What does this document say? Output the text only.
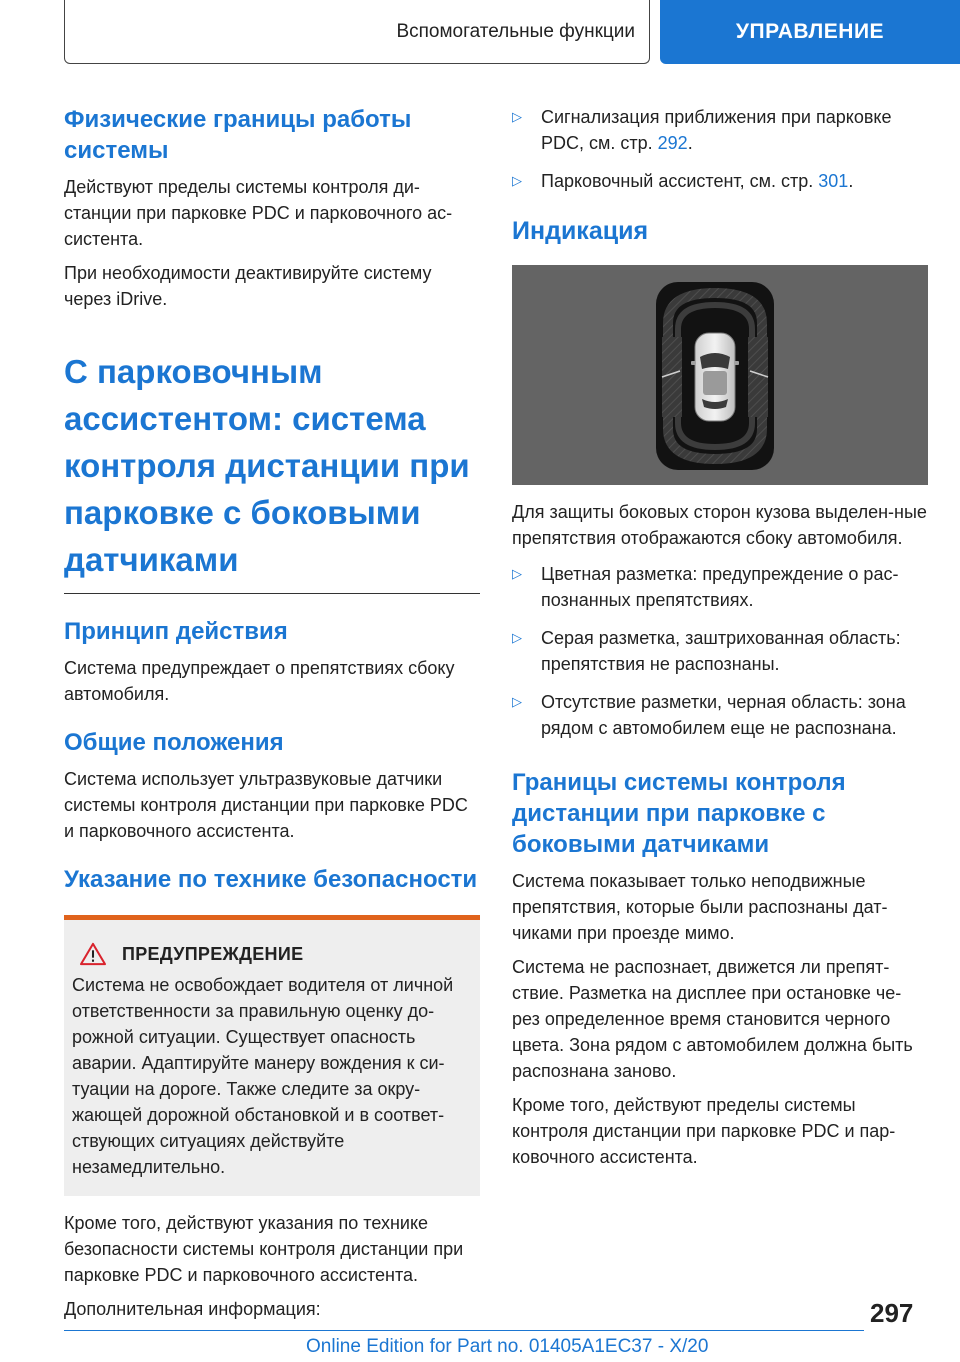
Вспомогательные функции	УПРАВЛЕНИЕ
Физические границы работы системы

Действуют пределы системы контроля ди-станции при парковке PDC и парковочного ас-систента.

При необходимости деактивируйте систему через iDrive.

С парковочным ассистентом: система контроля дистанции при парковке с боковыми датчиками
Принцип действия

Система предупреждает о препятствиях сбоку автомобиля.

Общие положения

Система использует ультразвуковые датчики системы контроля дистанции при парковке PDC и парковочного ассистента.

Указание по технике безопасности
ПРЕДУПРЕЖДЕНИЕ

Система не освобождает водителя от личной ответственности за правильную оценку до-рожной ситуации. Существует опасность аварии. Адаптируйте манеру вождения к си-туации на дороге. Также следите за окру-жающей дорожной обстановкой и в соответ-ствующих ситуациях действуйте незамедлительно.

Кроме того, действуют указания по технике безопасности системы контроля дистанции при парковке PDC и парковочного ассистента.

Дополнительная информация:

▷ Сигнализация приближения при парковке PDC, см. стр. 292.
▷ Парковочный ассистент, см. стр. 301.
Индикация

Для защиты боковых сторон кузова выделен-ные препятствия отображаются сбоку автомобиля.

▷ Цветная разметка: предупреждение о рас-познанных препятствиях.
▷ Серая разметка, заштрихованная область: препятствия не распознаны.
▷ Отсутствие разметки, черная область: зона рядом с автомобилем еще не распознана.
Границы системы контроля дистанции при парковке с боковыми датчиками

Система показывает только неподвижные препятствия, которые были распознаны дат-чиками при проезде мимо.

Система не распознает, движется ли препят-ствие. Разметка на дисплее при остановке че-рез определенное время становится черного цвета. Зона рядом с автомобилем должна быть распознана заново.

Кроме того, действуют пределы системы контроля дистанции при парковке PDC и пар-ковочного ассистента.

297
Online Edition for Part no. 01405A1EC37 - X/20
